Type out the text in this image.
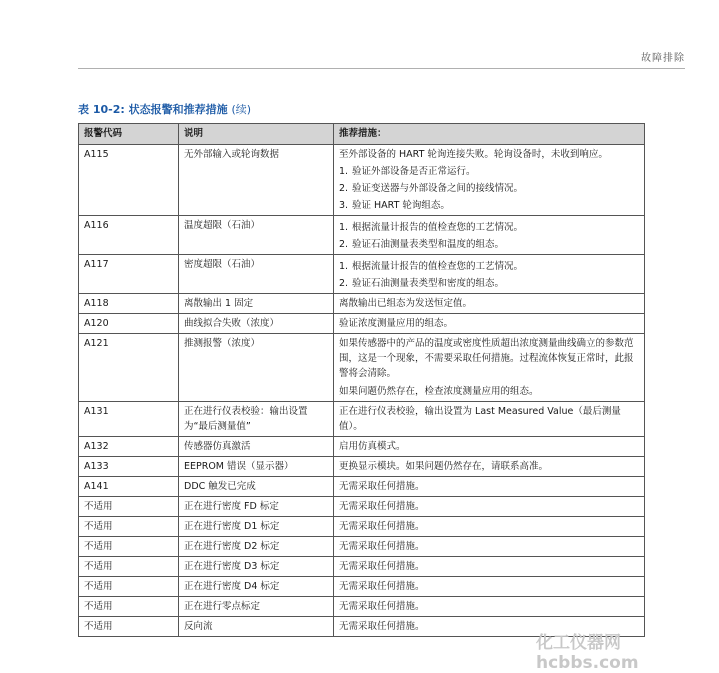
故障排除
表 10-2: 状态报警和推荐措施 (续)
报警代码	说明	推荐措施：
A115	无外部输入或轮询数据	至外部设备的 HART 轮询连接失败。轮询设备时，未收到响应。
1. 验证外部设备是否正常运行。
2. 验证变送器与外部设备之间的接线情况。
3. 验证 HART 轮询组态。

A116	温度超限（石油）	1. 根据流量计报告的值检查您的工艺情况。
2. 验证石油测量表类型和温度的组态。

A117	密度超限（石油）	1. 根据流量计报告的值检查您的工艺情况。
2. 验证石油测量表类型和密度的组态。

A118	离散输出 1 固定	离散输出已组态为发送恒定值。

A120	曲线拟合失败（浓度）	验证浓度测量应用的组态。

A121	推测报警（浓度）	如果传感器中的产品的温度或密度性质超出浓度测量曲线确立的参数范围，这是一个现象，不需要采取任何措施。过程流体恢复正常时，此报警将会清除。
如果问题仍然存在，检查浓度测量应用的组态。

A131	正在进行仪表校验：输出设置为“最后测量值”	正在进行仪表校验，输出设置为 Last Measured Value（最后测量值）。

A132	传感器仿真激活	启用仿真模式。

A133	EEPROM 错误（显示器）	更换显示模块。如果问题仍然存在，请联系高准。

A141	DDC 触发已完成	无需采取任何措施。

不适用	正在进行密度 FD 标定	无需采取任何措施。

不适用	正在进行密度 D1 标定	无需采取任何措施。

不适用	正在进行密度 D2 标定	无需采取任何措施。

不适用	正在进行密度 D3 标定	无需采取任何措施。

不适用	正在进行密度 D4 标定	无需采取任何措施。

不适用	正在进行零点标定	无需采取任何措施。

不适用	反向流	无需采取任何措施。
化工仪器网hcbbs.com
